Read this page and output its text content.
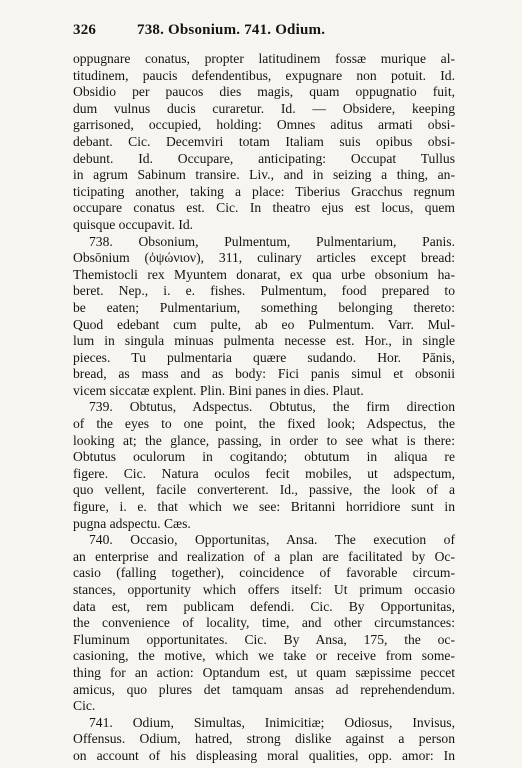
326	738. Obsonium. 741. Odium.
oppugnare conatus, propter latitudinem fossæ murique al-
titudinem, paucis defendentibus, expugnare non potuit. Id.
Obsidio per paucos dies magis, quam oppugnatio fuit,
dum vulnus ducis curaretur. Id. — Obsidere, keeping
garrisoned, occupied, holding: Omnes aditus armati obsi-
debant. Cic. Decemviri totam Italiam suis opibus obsi-
debunt. Id. Occupare, anticipating: Occupat Tullus
in agrum Sabinum transire. Liv., and in seizing a thing, an-
ticipating another, taking a place: Tiberius Gracchus regnum
occupare conatus est. Cic. In theatro ejus est locus, quem
quisque occupavit. Id.
738. Obsonium, Pulmentum, Pulmentarium, Panis.
Obsōnium (ὀψώνιον), 311, culinary articles except bread:
Themistocli rex Myuntem donarat, ex qua urbe obsonium ha-
beret. Nep., i. e. fishes. Pulmentum, food prepared to
be eaten; Pulmentarium, something belonging thereto:
Quod edebant cum pulte, ab eo Pulmentum. Varr. Mul-
lum in singula minuas pulmenta necesse est. Hor., in single
pieces. Tu pulmentaria quære sudando. Hor. Pānis,
bread, as mass and as body: Fici panis simul et obsonii
vicem siccatæ explent. Plin. Bini panes in dies. Plaut.
739. Obtutus, Adspectus. Obtutus, the firm direction
of the eyes to one point, the fixed look; Adspectus, the
looking at; the glance, passing, in order to see what is there:
Obtutus oculorum in cogitando; obtutum in aliqua re
figere. Cic. Natura oculos fecit mobiles, ut adspectum,
quo vellent, facile converterent. Id., passive, the look of a
figure, i. e. that which we see: Britanni horridiore sunt in
pugna adspectu. Cæs.
740. Occasio, Opportunitas, Ansa. The execution of
an enterprise and realization of a plan are facilitated by Oc-
casio (falling together), coincidence of favorable circum-
stances, opportunity which offers itself: Ut primum occasio
data est, rem publicam defendi. Cic. By Opportunitas,
the convenience of locality, time, and other circumstances:
Fluminum opportunitates. Cic. By Ansa, 175, the oc-
casioning, the motive, which we take or receive from some-
thing for an action: Optandum est, ut quam sæpissime peccet
amicus, quo plures det tamquam ansas ad reprehendendum.
Cic.
741. Odium, Simultas, Inimicitiæ; Odiosus, Invisus,
Offensus. Odium, hatred, strong dislike against a person
on account of his displeasing moral qualities, opp. amor: In
